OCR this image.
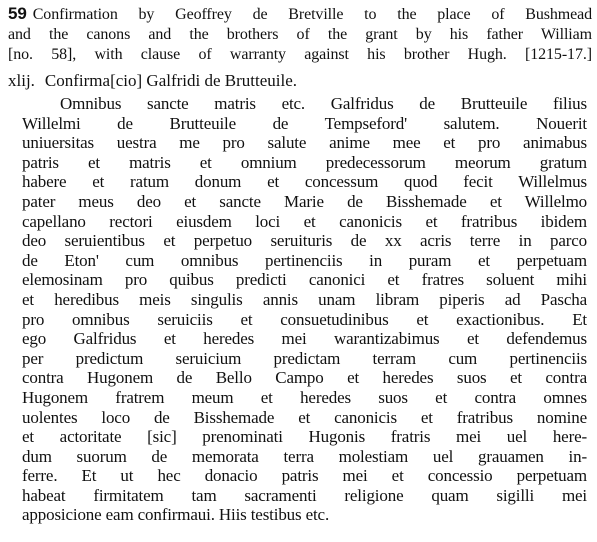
59 Confirmation by Geoffrey de Bretville to the place of Bushmead
and the canons and the brothers of the grant by his father William
[no. 58], with clause of warranty against his brother Hugh. [1215-17.]
xlij. Confirma[cio] Galfridi de Brutteuile.
Omnibus sancte matris etc. Galfridus de Brutteuile filius
Willelmi de Brutteuile de Tempseford' salutem. Nouerit
uniuersitas uestra me pro salute anime mee et pro animabus
patris et matris et omnium predecessorum meorum gratum
habere et ratum donum et concessum quod fecit Willelmus
pater meus deo et sancte Marie de Bisshemade et Willelmo
capellano rectori eiusdem loci et canonicis et fratribus ibidem
deo seruientibus et perpetuo seruituris de xx acris terre in parco
de Eton' cum omnibus pertinenciis in puram et perpetuam
elemosinam pro quibus predicti canonici et fratres soluent mihi
et heredibus meis singulis annis unam libram piperis ad Pascha
pro omnibus seruiciis et consuetudinibus et exactionibus. Et
ego Galfridus et heredes mei warantizabimus et defendemus
per predictum seruicium predictam terram cum pertinenciis
contra Hugonem de Bello Campo et heredes suos et contra
Hugonem fratrem meum et heredes suos et contra omnes
uolentes loco de Bisshemade et canonicis et fratribus nomine
et actoritate [sic] prenominati Hugonis fratris mei uel here-
dum suorum de memorata terra molestiam uel grauamen in-
ferre. Et ut hec donacio patris mei et concessio perpetuam
habeat firmitatem tam sacramenti religione quam sigilli mei
apposicione eam confirmaui. Hiis testibus etc.
